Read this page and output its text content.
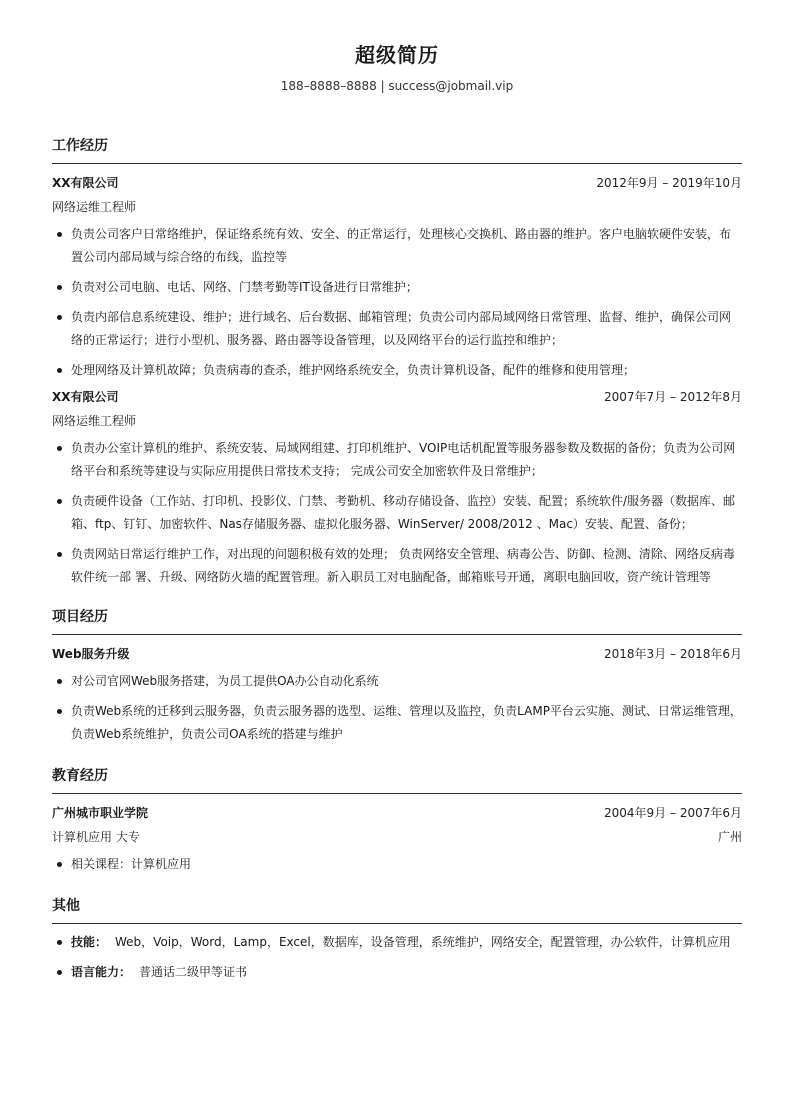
超级简历
188–8888–8888 | success@jobmail.vip
工作经历
XX有限公司	2012年9月 – 2019年10月
网络运维工程师
负责公司客户日常络维护，保证络系统有效、安全、的正常运行，处理核心交换机、路由器的维护。客户电脑软硬件安装，布置公司内部局域与综合络的布线，监控等
负责对公司电脑、电话、网络、门禁考勤等IT设备进行日常维护；
负责内部信息系统建设、维护；进行域名、后台数据、邮箱管理；负责公司内部局域网络日常管理、监督、维护，确保公司网络的正常运行；进行小型机、服务器、路由器等设备管理，以及网络平台的运行监控和维护；
处理网络及计算机故障；负责病毒的查杀，维护网络系统安全，负责计算机设备，配件的维修和使用管理；
XX有限公司	2007年7月 – 2012年8月
网络运维工程师
负责办公室计算机的维护、系统安装、局域网组建、打印机维护、VOIP电话机配置等服务器参数及数据的备份；负责为公司网络平台和系统等建设与实际应用提供日常技术支持； 完成公司安全加密软件及日常维护；
负责硬件设备（工作站、打印机、投影仪、门禁、考勤机、移动存储设备、监控）安装、配置；系统软件/服务器（数据库、邮箱、ftp、钉钉、加密软件、Nas存储服务器、虚拟化服务器、WinServer/ 2008/2012 、Mac）安装、配置、备份；
负责网站日常运行维护工作，对出现的问题积极有效的处理； 负责网络安全管理、病毒公告、防御、检测、清除、网络反病毒软件统一部 署、升级、网络防火墙的配置管理。新入职员工对电脑配备，邮箱账号开通，离职电脑回收，资产统计管理等
项目经历
Web服务升级	2018年3月 – 2018年6月
对公司官网Web服务搭建，为员工提供OA办公自动化系统
负责Web系统的迁移到云服务器，负责云服务器的选型、运维、管理以及监控，负责LAMP平台云实施、测试、日常运维管理，负责Web系统维护，负责公司OA系统的搭建与维护
教育经历
广州城市职业学院	2004年9月 – 2007年6月
计算机应用 大专	广州
相关课程：计算机应用
其他
技能： Web，Voip，Word，Lamp，Excel，数据库，设备管理，系统维护，网络安全，配置管理，办公软件，计算机应用
语言能力： 普通话二级甲等证书
